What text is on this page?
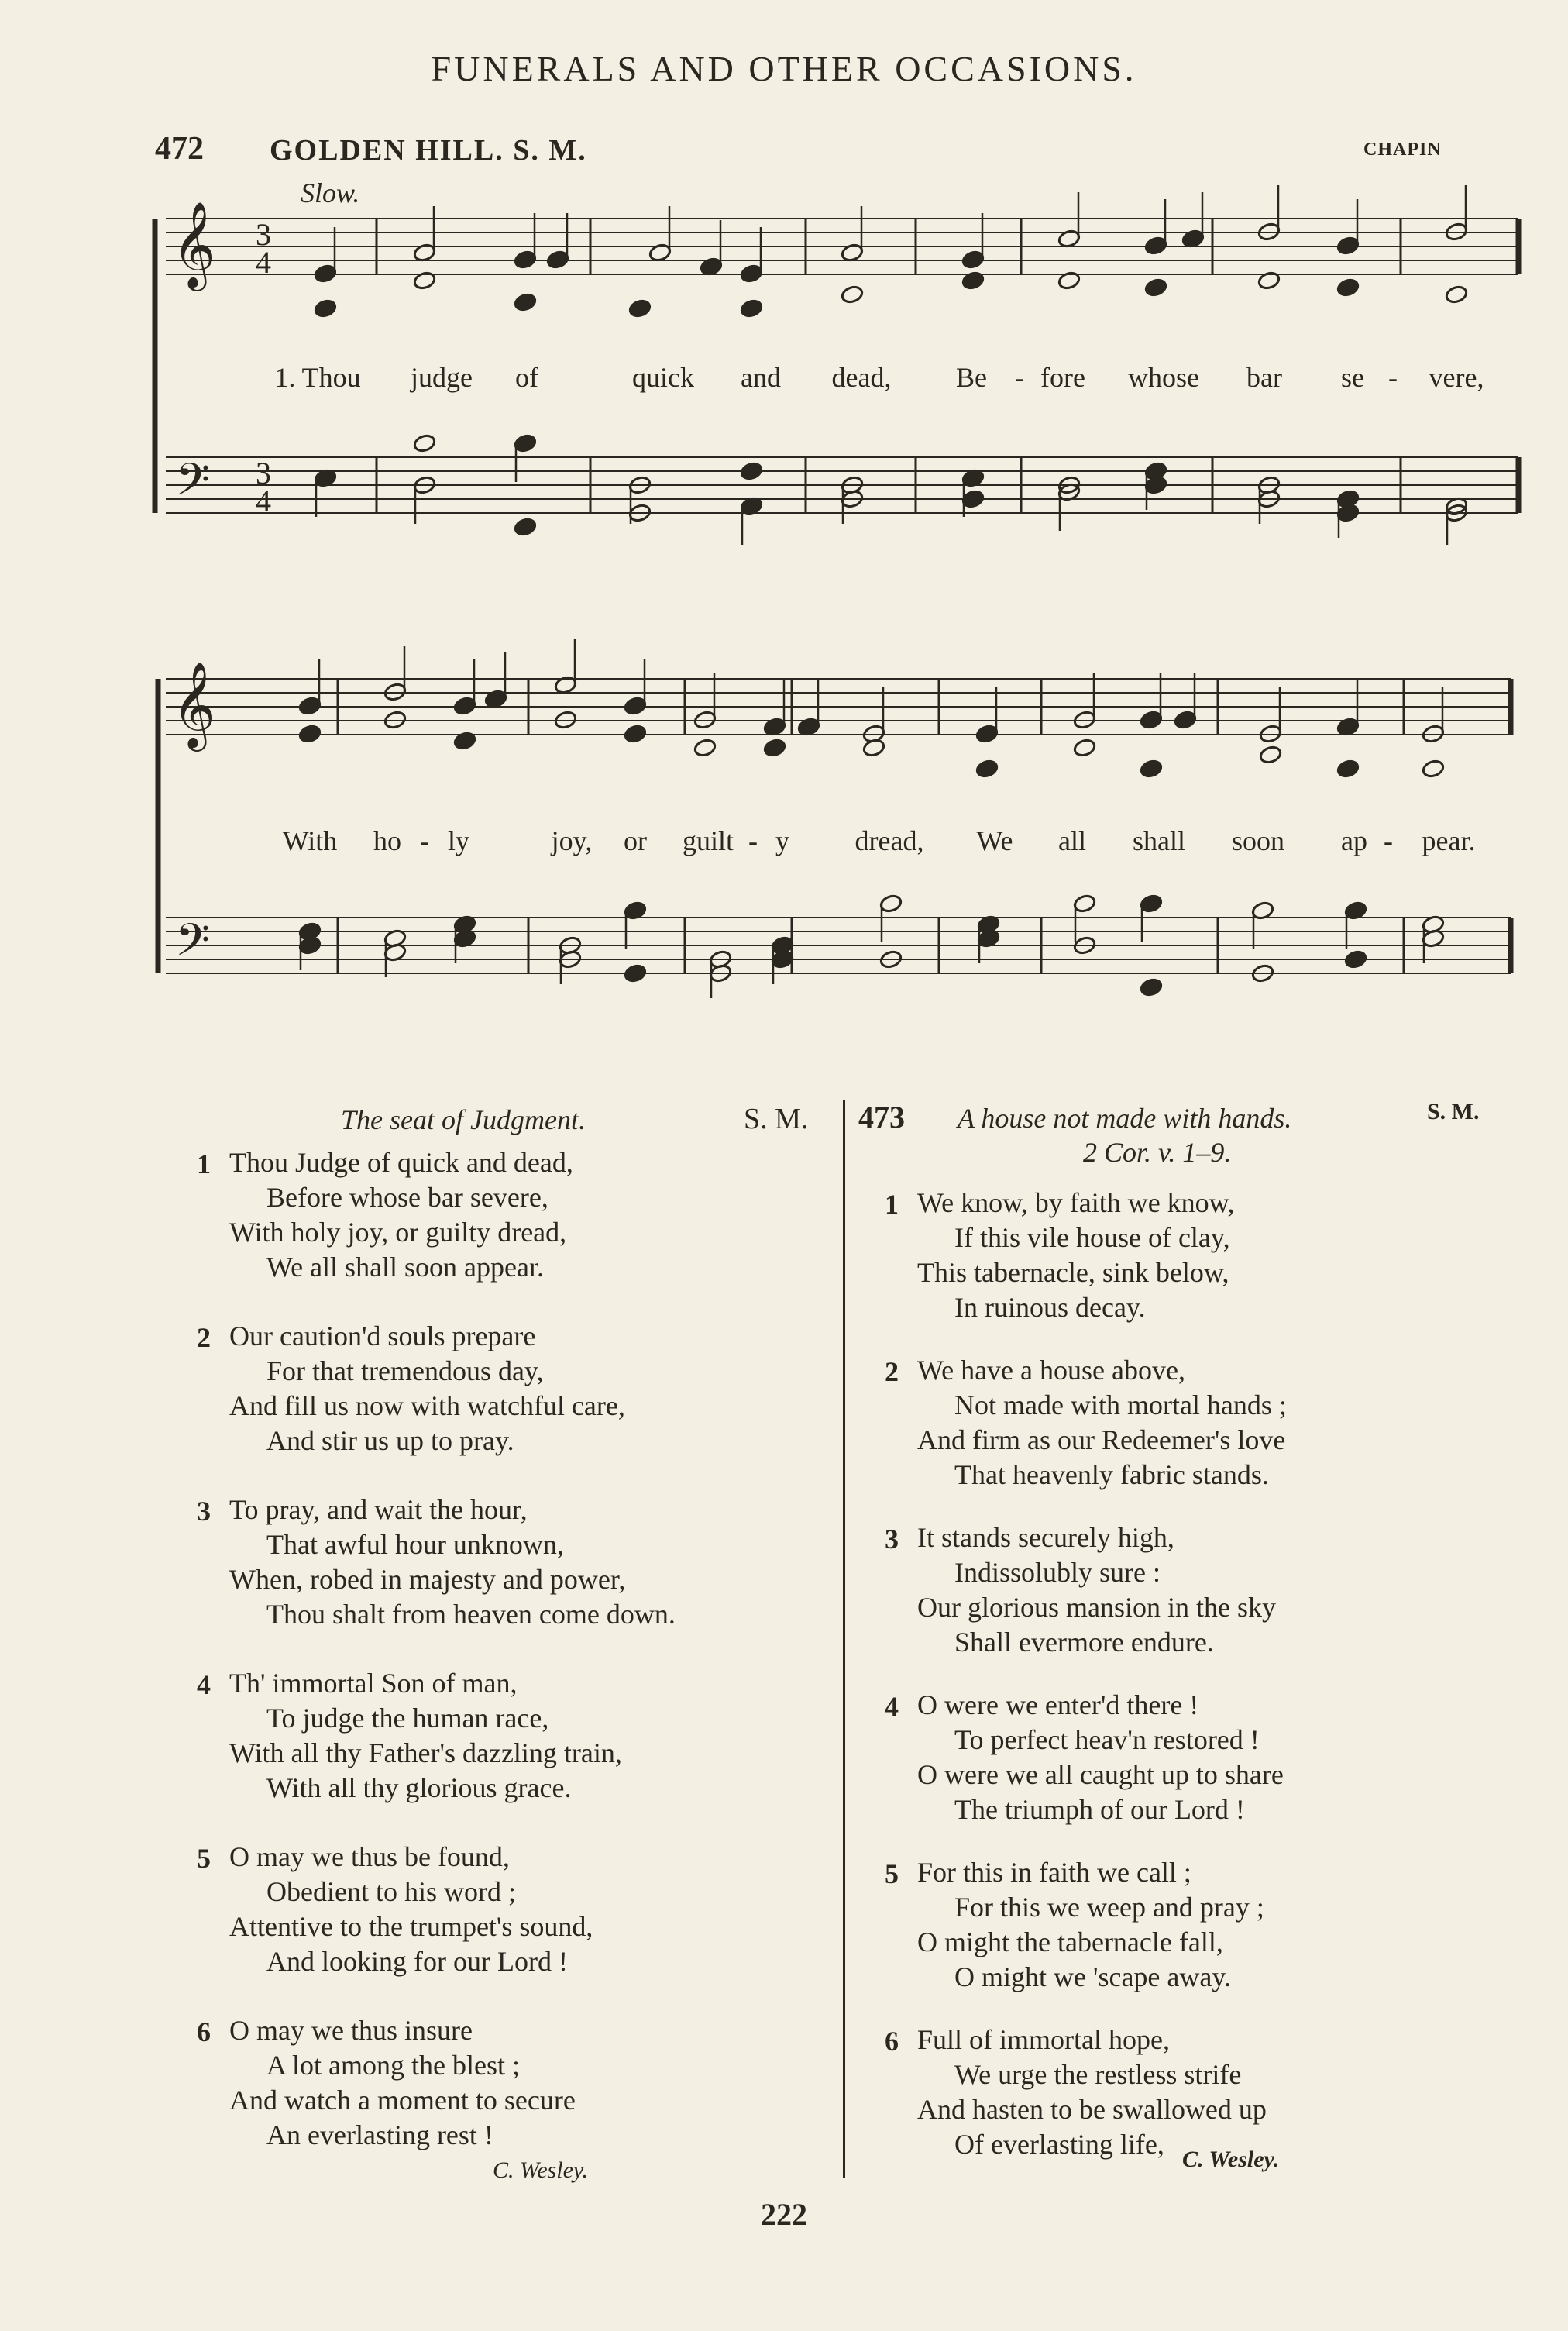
FUNERALS AND OTHER OCCASIONS.
472 GOLDEN HILL. S. M.	CHAPIN
Slow.
𝄞
𝄢
3
4
3
4
𝄞
𝄢
1. Thou judge of	quick and dead, Be - fore whose bar se - vere,
With ho - ly	joy, or guilt - y dread, We all shall soon ap - pear.
The seat of Judgment.	S. M.
1 Thou Judge of quick and dead,
Before whose bar severe,
With holy joy, or guilty dread,
We all shall soon appear.
2 Our caution'd souls prepare
For that tremendous day,
And fill us now with watchful care,
And stir us up to pray.
3 To pray, and wait the hour,
That awful hour unknown,
When, robed in majesty and power,
Thou shalt from heaven come down.
4 Th' immortal Son of man,
To judge the human race,
With all thy Father's dazzling train,
With all thy glorious grace.
5 O may we thus be found,
Obedient to his word ;
Attentive to the trumpet's sound,
And looking for our Lord !
6 O may we thus insure
A lot among the blest ;
And watch a moment to secure
An everlasting rest !
C. Wesley.
473 A house not made with hands.	S. M.
2 Cor. v. 1–9.
1 We know, by faith we know,
If this vile house of clay,
This tabernacle, sink below,
In ruinous decay.
2 We have a house above,
Not made with mortal hands ;
And firm as our Redeemer's love
That heavenly fabric stands.
3 It stands securely high,
Indissolubly sure :
Our glorious mansion in the sky
Shall evermore endure.
4 O were we enter'd there !
To perfect heav'n restored !
O were we all caught up to share
The triumph of our Lord !
5 For this in faith we call ;
For this we weep and pray ;
O might the tabernacle fall,
O might we 'scape away.
6 Full of immortal hope,
We urge the restless strife
And hasten to be swallowed up
Of everlasting life, C. Wesley.
222
